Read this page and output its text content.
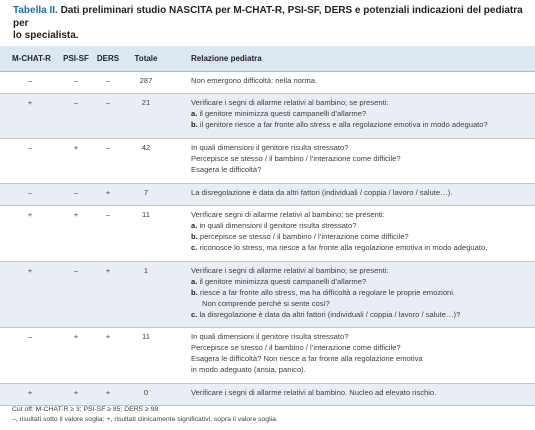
Tabella II. Dati preliminari studio NASCITA per M-CHAT-R, PSI-SF, DERS e potenziali indicazioni del pediatra per
lo specialista.
M-CHAT-R	PSI-SF DERS	Totale	Relazione pediatra
–	–	–	287	Non emergono difficoltà: nella norma.
+	–	–	21	Verificare i segni di allarme relativi al bambino; se presenti:
a. il genitore minimizza questi campanelli d’allarme?
b. il genitore riesce a far fronte allo stress e alla regolazione emotiva in modo adeguato?
–	+	–	42	In quali dimensioni il genitore risulta stressato?
Percepisce se stesso / il bambino / l’interazione come difficile?
Esagera le difficoltà?
–	–	+	7	La disregolazione è data da altri fattori (individuali / coppia / lavoro / salute…).
+	+	–	11	Verificare segni di allarme relativi al bambino; se presenti:
a. in quali dimensioni il genitore risulta stressato?
b. percepisce se stesso / il bambino / l’interazione come difficile?
c. riconosce lo stress, ma riesce a far fronte alla regolazione emotiva in modo adeguato.
+	–	+	1	Verificare i segni di allarme relativi al bambino; se presenti:
a. il genitore minimizza questi campanelli d’allarme?
b. riesce a far fronte allo stress, ma ha difficoltà a regolare le proprie emozioni.
Non comprende perché si sente così?
c. la disregolazione è data da altri fattori (individuali / coppia / lavoro / salute…)?
–	+	+	11	In quali dimensioni il genitore risulta stressato?
Percepisce se stesso / il bambino / l’interazione come difficile?
Esagera le difficoltà? Non riesce a far fronte alla regolazione emotiva
in modo adeguato (ansia, panico).
+	+	+	0	Verificare i segni di allarme relativi al bambino. Nucleo ad elevato rischio.
Cut off: M-CHAT-R ≥ 3; PSI-SF ≥ 85; DERS ≥ 98
–, risultati sotto il valore soglia; +, risultati clinicamente significativi, sopra il valore soglia.
